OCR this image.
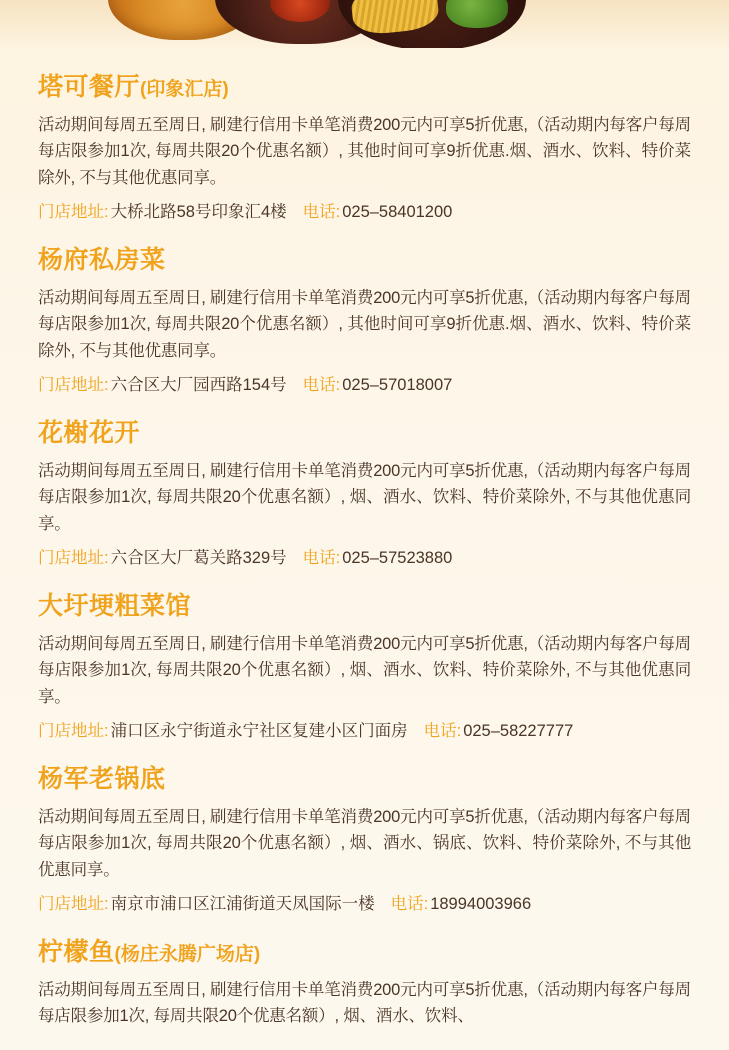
塔可餐厅 (印象汇店)

活动期间每周五至周日, 刷建行信用卡单笔消费200元内可享5折优惠,（活动期内每客户每周每店限参加1次, 每周共限20个优惠名额）, 其他时间可享9折优惠.烟、酒水、饮料、特价菜除外, 不与其他优惠同享。

门店地址: 大桥北路58号印象汇4楼 电话: 025–58401200
杨府私房菜

活动期间每周五至周日, 刷建行信用卡单笔消费200元内可享5折优惠,（活动期内每客户每周每店限参加1次, 每周共限20个优惠名额）, 其他时间可享9折优惠.烟、酒水、饮料、特价菜除外, 不与其他优惠同享。

门店地址: 六合区大厂园西路154号 电话: 025–57018007
花榭花开

活动期间每周五至周日, 刷建行信用卡单笔消费200元内可享5折优惠,（活动期内每客户每周每店限参加1次, 每周共限20个优惠名额）, 烟、酒水、饮料、特价菜除外, 不与其他优惠同享。

门店地址: 六合区大厂葛关路329号 电话: 025–57523880
大圩埂粗菜馆

活动期间每周五至周日, 刷建行信用卡单笔消费200元内可享5折优惠,（活动期内每客户每周每店限参加1次, 每周共限20个优惠名额）, 烟、酒水、饮料、特价菜除外, 不与其他优惠同享。

门店地址: 浦口区永宁街道永宁社区复建小区门面房 电话: 025–58227777
杨军老锅底

活动期间每周五至周日, 刷建行信用卡单笔消费200元内可享5折优惠,（活动期内每客户每周每店限参加1次, 每周共限20个优惠名额）, 烟、酒水、锅底、饮料、特价菜除外, 不与其他优惠同享。

门店地址: 南京市浦口区江浦街道天凤国际一楼 电话: 18994003966
柠檬鱼 (杨庄永腾广场店)

活动期间每周五至周日, 刷建行信用卡单笔消费200元内可享5折优惠,（活动期内每客户每周每店限参加1次, 每周共限20个优惠名额）, 烟、酒水、饮料、
